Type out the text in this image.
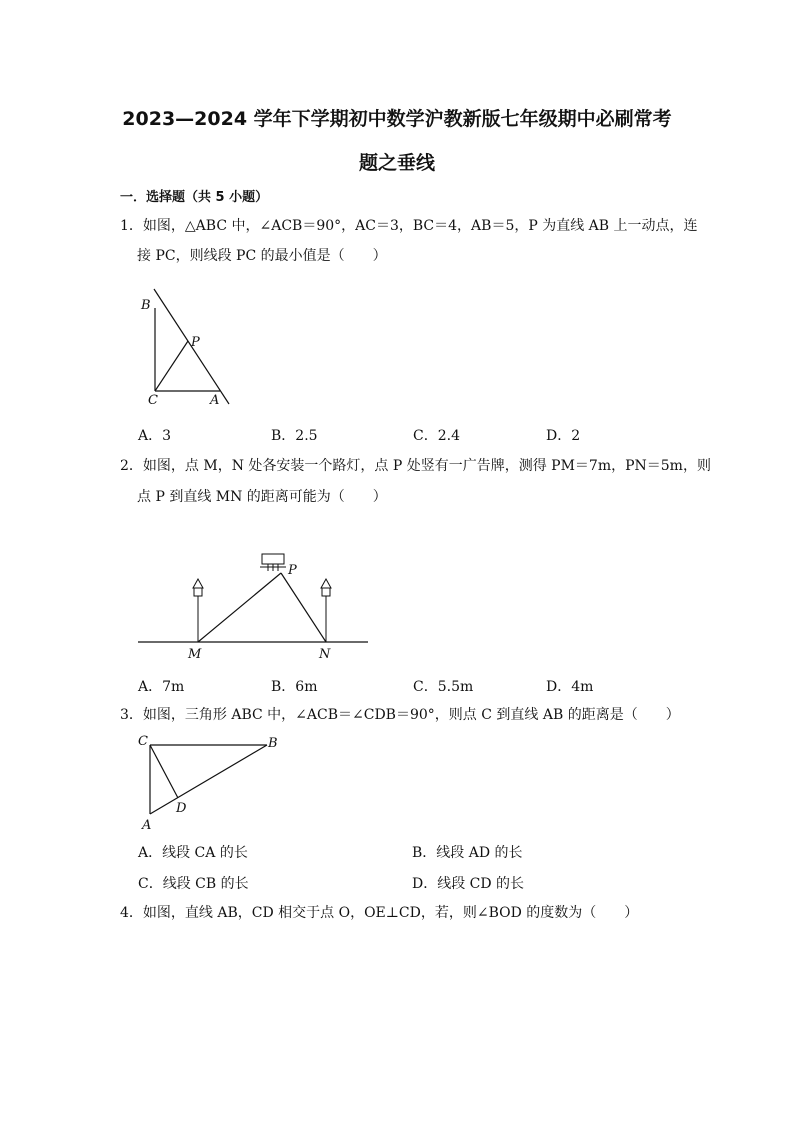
2023—2024 学年下学期初中数学沪教新版七年级期中必刷常考
题之垂线
一．选择题（共 5 小题）
1．如图，△ABC 中，∠ACB＝90°，AC＝3，BC＝4，AB＝5，P 为直线 AB 上一动点，连
接 PC，则线段 PC 的最小值是（　　）
B
P
C	A
A．3	B．2.5	C．2.4	D．2
2．如图，点 M，N 处各安装一个路灯，点 P 处竖有一广告牌，测得 PM＝7m，PN＝5m，则
点 P 到直线 MN 的距离可能为（　　）
P
M	N
A．7m	B．6m	C．5.5m	D．4m
3．如图，三角形 ABC 中，∠ACB＝∠CDB＝90°，则点 C 到直线 AB 的距离是（　　）
C	B
D
A
A．线段 CA 的长	B．线段 AD 的长
C．线段 CB 的长	D．线段 CD 的长
4．如图，直线 AB，CD 相交于点 O，OE⊥CD，若，则∠BOD 的度数为（　　）
